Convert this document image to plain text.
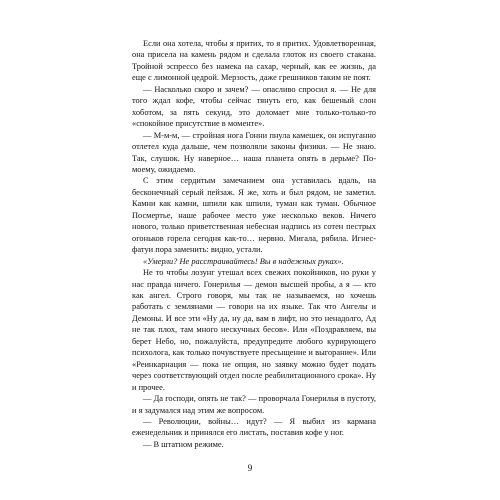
Если она хотела, чтобы я притих, то я притих. Удовлетворенная, она присела на камень рядом и сделала глоток из своего стакана. Тройной эспрессо без намека на сахар, черный, как ее жизнь, да еще с лимонной цедрой. Мерзость, даже грешников таким не поят.

— Насколько скоро и зачем? — опасливо спросил я. — Не для того ждал кофе, чтобы сейчас тянуть его, как бешеный слон хоботом, за пять секунд, это доломает мне только-только-то «спокойное присутствие в моменте».

— М-м-м, — стройная нога Гонни пнула камешек, он испуганно отлетел куда дальше, чем позволяли законы физики. — Не знаю. Так, слушок. Ну наверное… наша планета опять в дерьме? По-моему, ожидаемо.

С этим сердитым замечанием она уставилась вдаль, на бесконечный серый пейзаж. Я же, хоть и был рядом, не заметил. Камни как камни, шпили как шпили, туман как туман. Обычное Посмертье, наше рабочее место уже несколько веков. Ничего нового, только приветственная небесная надпись из сотен пестрых огоньков горела сегодня как-то… нервно. Мигала, рябила. Игнес-фатуи пора заменить: видно, устали.

«Умерли? Не расстраивайтесь! Вы в надежных руках».

Не то чтобы лозунг утешал всех свежих покойников, но руки у нас правда ничего. Гонерилья — демон высшей пробы, а я — кто как ангел. Строго говоря, мы так не называемся, но хочешь работать с землянами — говори на их языке. Так что Ангелы и Демоны. И все эти «Ну да, ну да, вам в лифт, но это ненадолго, Ад не так плох, там много нескучных бесов». Или «Поздравляем, вы берет Небо, но, пожалуйста, предупредите любого курирующего психолога, как только почувствуете пресыщение и выгорание». Или «Реинкарнация — пока не опция, но заявку можно будет подать через соответствующий отдел после реабилитационного срока». Ну и прочее.

— Да господи, опять не так? — проворчала Гонерилья в пустоту, и я задумался над этим же вопросом.

— Революции, войны… идут? — Я выбил из кармана еженедельник и принялся его листать, поставив кофе у ног.

— В штатном режиме.

9
